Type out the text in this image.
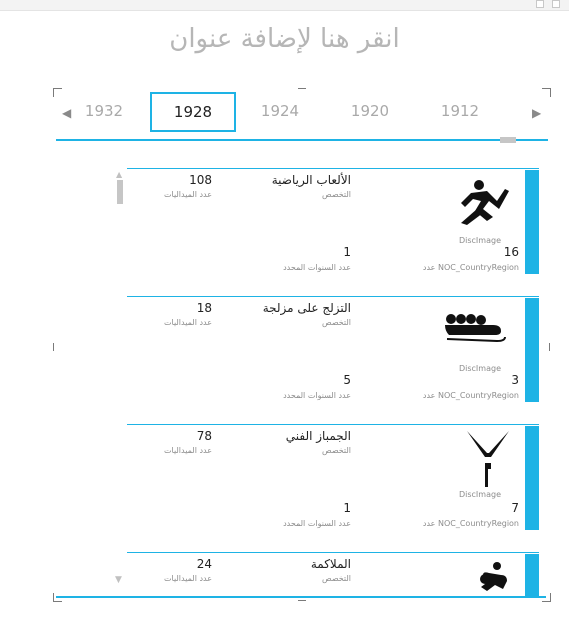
انقر هنا لإضافة عنوان
◀ 1932	1928	1924	1920	1912	▶
▲	108
عدد الميداليات
الألعاب الرياضية
التخصص
1
عدد السنوات المحدد
DiscImage
16
عدد NOC_CountryRegion
18
عدد الميداليات
التزلج على مزلجة
التخصص
5
عدد السنوات المحدد
DiscImage
3
عدد NOC_CountryRegion
78
عدد الميداليات
الجمباز الفني
التخصص
1
عدد السنوات المحدد
DiscImage
7
عدد NOC_CountryRegion
24
عدد الميداليات
الملاكمة
التخصص
▼
